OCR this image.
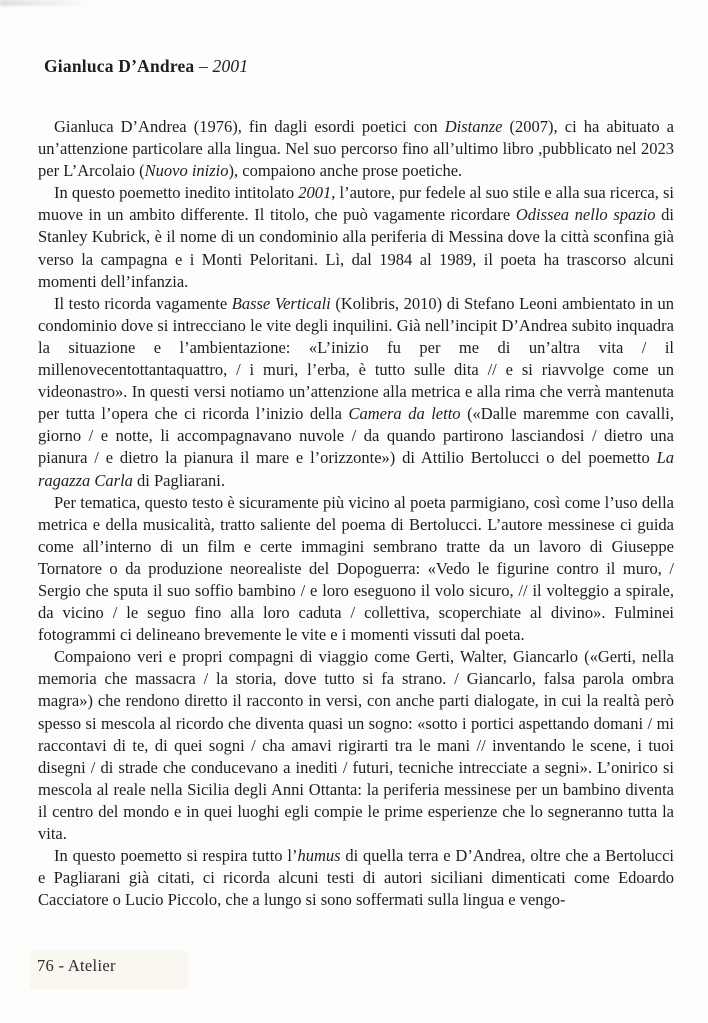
Gianluca D’Andrea – 2001

Gianluca D’Andrea (1976), fin dagli esordi poetici con Distanze (2007), ci ha abituato a un’attenzione particolare alla lingua. Nel suo percorso fino all’ultimo libro ,pubblicato nel 2023 per L’Arcolaio (Nuovo inizio), compaiono anche prose poetiche.

In questo poemetto inedito intitolato 2001, l’autore, pur fedele al suo stile e alla sua ricerca, si muove in un ambito differente. Il titolo, che può vagamente ricordare Odissea nello spazio di Stanley Kubrick, è il nome di un condominio alla periferia di Messina dove la città sconfina già verso la campagna e i Monti Peloritani. Lì, dal 1984 al 1989, il poeta ha trascorso alcuni momenti dell’infanzia.

Il testo ricorda vagamente Basse Verticali (Kolibris, 2010) di Stefano Leoni ambientato in un condominio dove si intrecciano le vite degli inquilini. Già nell’incipit D’Andrea subito inquadra la situazione e l’ambientazione: «L’inizio fu per me di un’altra vita / il millenovecentottantaquattro, / i muri, l’erba, è tutto sulle dita // e si riavvolge come un videonastro». In questi versi notiamo un’attenzione alla metrica e alla rima che verrà mantenuta per tutta l’opera che ci ricorda l’inizio della Camera da letto («Dalle maremme con cavalli, giorno / e notte, li accompagnavano nuvole / da quando partirono lasciandosi / dietro una pianura / e dietro la pianura il mare e l’orizzonte») di Attilio Bertolucci o del poemetto La ragazza Carla di Pagliarani.

Per tematica, questo testo è sicuramente più vicino al poeta parmigiano, così come l’uso della metrica e della musicalità, tratto saliente del poema di Bertolucci. L’autore messinese ci guida come all’interno di un film e certe immagini sembrano tratte da un lavoro di Giuseppe Tornatore o da produzione neorealiste del Dopoguerra: «Vedo le figurine contro il muro, / Sergio che sputa il suo soffio bambino / e loro eseguono il volo sicuro, // il volteggio a spirale, da vicino / le seguo fino alla loro caduta / collettiva, scoperchiate al divino». Fulminei fotogrammi ci delineano brevemente le vite e i momenti vissuti dal poeta.

Compaiono veri e propri compagni di viaggio come Gerti, Walter, Giancarlo («Gerti, nella memoria che massacra / la storia, dove tutto si fa strano. / Giancarlo, falsa parola ombra magra») che rendono diretto il racconto in versi, con anche parti dialogate, in cui la realtà però spesso si mescola al ricordo che diventa quasi un sogno: «sotto i portici aspettando domani / mi raccontavi di te, di quei sogni / cha amavi rigirarti tra le mani // inventando le scene, i tuoi disegni / di strade che conducevano a inediti / futuri, tecniche intrecciate a segni». L’onirico si mescola al reale nella Sicilia degli Anni Ottanta: la periferia messinese per un bambino diventa il centro del mondo e in quei luoghi egli compie le prime esperienze che lo segneranno tutta la vita.

In questo poemetto si respira tutto l’humus di quella terra e D’Andrea, oltre che a Bertolucci e Pagliarani già citati, ci ricorda alcuni testi di autori siciliani dimenticati come Edoardo Cacciatore o Lucio Piccolo, che a lungo si sono soffermati sulla lingua e vengo-

76 - Atelier
